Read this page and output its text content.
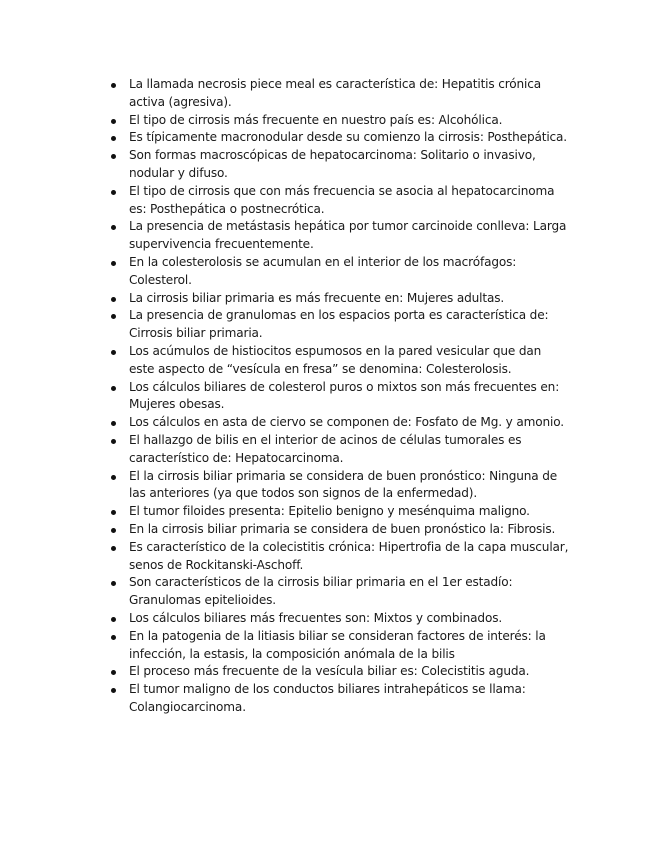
La llamada necrosis piece meal es característica de: Hepatitis crónica activa (agresiva).
El tipo de cirrosis más frecuente en nuestro país es: Alcohólica.
Es típicamente macronodular desde su comienzo la cirrosis: Posthepática.
Son formas macroscópicas de hepatocarcinoma: Solitario o invasivo, nodular y difuso.
El tipo de cirrosis que con más frecuencia se asocia al hepatocarcinoma es: Posthepática o postnecrótica.
La presencia de metástasis hepática por tumor carcinoide conlleva: Larga supervivencia frecuentemente.
En la colesterolosis se acumulan en el interior de los macrófagos: Colesterol.
La cirrosis biliar primaria es más frecuente en: Mujeres adultas.
La presencia de granulomas en los espacios porta es característica de: Cirrosis biliar primaria.
Los acúmulos de histiocitos espumosos en la pared vesicular que dan este aspecto de “vesícula en fresa” se denomina: Colesterolosis.
Los cálculos biliares de colesterol puros o mixtos son más frecuentes en: Mujeres obesas.
Los cálculos en asta de ciervo se componen de: Fosfato de Mg. y amonio.
El hallazgo de bilis en el interior de acinos de células tumorales es característico de: Hepatocarcinoma.
El la cirrosis biliar primaria se considera de buen pronóstico: Ninguna de las anteriores (ya que todos son signos de la enfermedad).
El tumor filoides presenta: Epitelio benigno y mesénquima maligno.
En la cirrosis biliar primaria se considera de buen pronóstico la: Fibrosis.
Es característico de la colecistitis crónica: Hipertrofia de la capa muscular, senos de Rockitanski-Aschoff.
Son característicos de la cirrosis biliar primaria en el 1er estadío: Granulomas epitelioides.
Los cálculos biliares más frecuentes son: Mixtos y combinados.
En la patogenia de la litiasis biliar se consideran factores de interés: la infección, la estasis, la composición anómala de la bilis
El proceso más frecuente de la vesícula biliar es: Colecistitis aguda.
El tumor maligno de los conductos biliares intrahepáticos se llama: Colangiocarcinoma.
